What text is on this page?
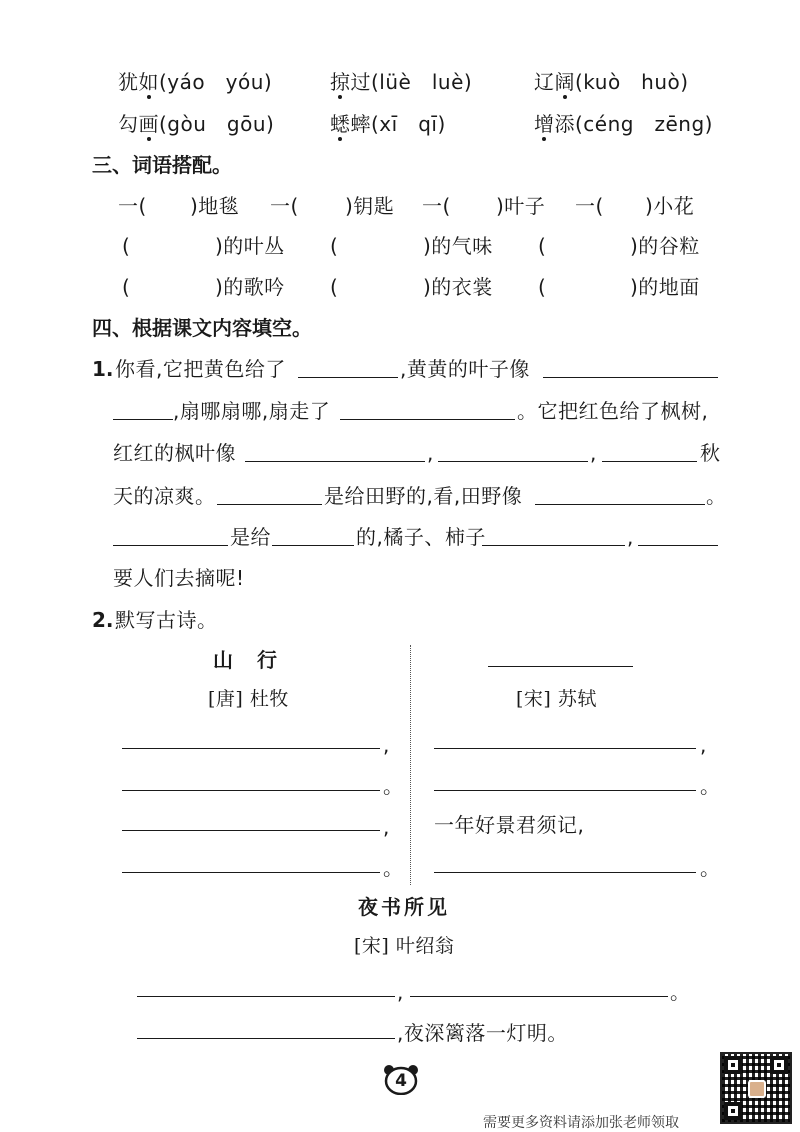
犹如(yáo　yóu)	掠过(lüè　luè)	辽阔(kuò　huò)
勾画(gòu　gōu)	蟋蟀(xī　qī)	增添(céng　zēng)
三、词语搭配。
一( )地毯 一( )钥匙 一( )叶子 一( )小花
(	)的叶丛 (	)的气味 (	)的谷粒
(	)的歌吟 (	)的衣裳 (	)的地面
四、根据课文内容填空。
1. 你看,它把黄色给了	,黄黄的叶子像
,扇哪扇哪,扇走了	。它把红色给了枫树,
红红的枫叶像	,	,	秋
天的凉爽。	是给田野的,看,田野像	。
是给	的,橘子、柿子	,
要人们去摘呢!
2. 默写古诗。
山　行
[唐] 杜牧
,
。
,
。
[宋] 苏轼
,
。
一年好景君须记,
。
夜书所见
[宋] 叶绍翁
,	。
,夜深篱落一灯明。
4
需要更多资料请添加张老师领取
